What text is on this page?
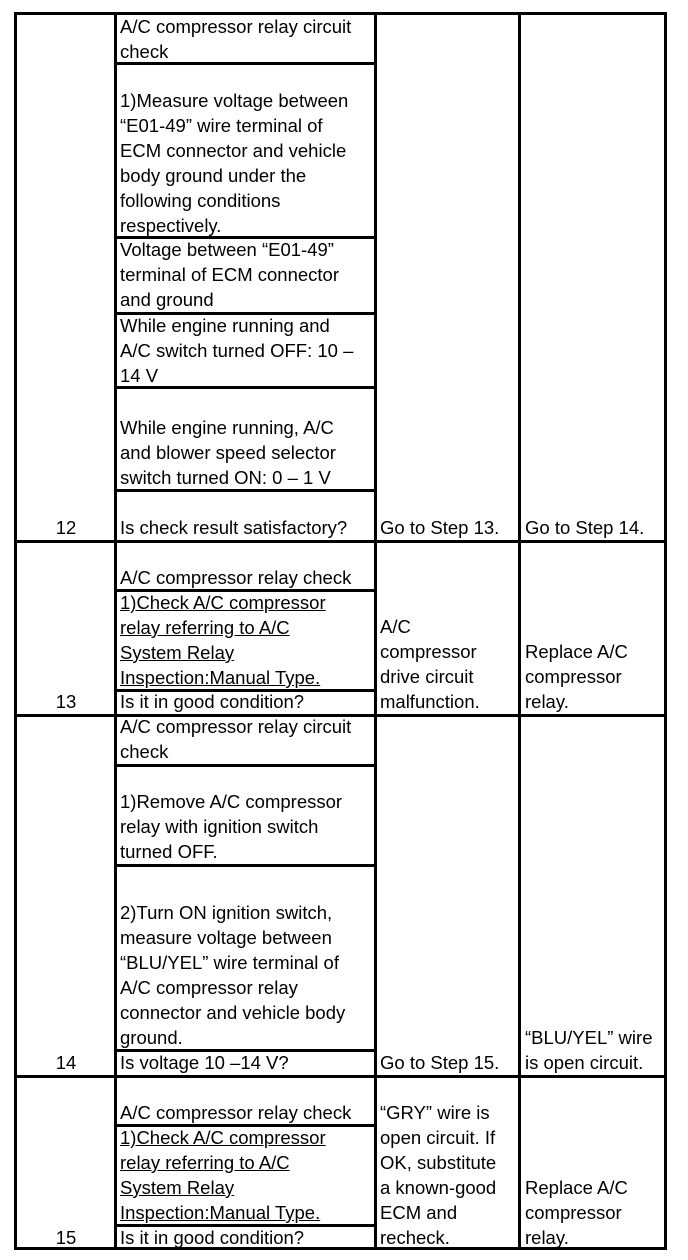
12
A/C compressor relay circuit
check
1)Measure voltage between
“E01-49” wire terminal of
ECM connector and vehicle
body ground under the
following conditions
respectively.
Voltage between “E01-49”
terminal of ECM connector
and ground
While engine running and
A/C switch turned OFF: 10 –
14 V
While engine running, A/C
and blower speed selector
switch turned ON: 0 – 1 V
Is check result satisfactory? Go to Step 13. Go to Step 14.
13
A/C compressor relay check
1)Check A/C compressor
relay referring to A/C
System Relay
Inspection:Manual Type.
Is it in good condition?
A/C
compressor
drive circuit
malfunction.
Replace A/C
compressor
relay.
14
A/C compressor relay circuit
check
1)Remove A/C compressor
relay with ignition switch
turned OFF.
2)Turn ON ignition switch,
measure voltage between
“BLU/YEL” wire terminal of
A/C compressor relay
connector and vehicle body
ground.
Is voltage 10 –14 V?	Go to Step 15.
“BLU/YEL” wire
is open circuit.
15
A/C compressor relay check
1)Check A/C compressor
relay referring to A/C
System Relay
Inspection:Manual Type.
Is it in good condition?
“GRY” wire is
open circuit. If
OK, substitute
a known-good
ECM and
recheck.
Replace A/C
compressor
relay.
